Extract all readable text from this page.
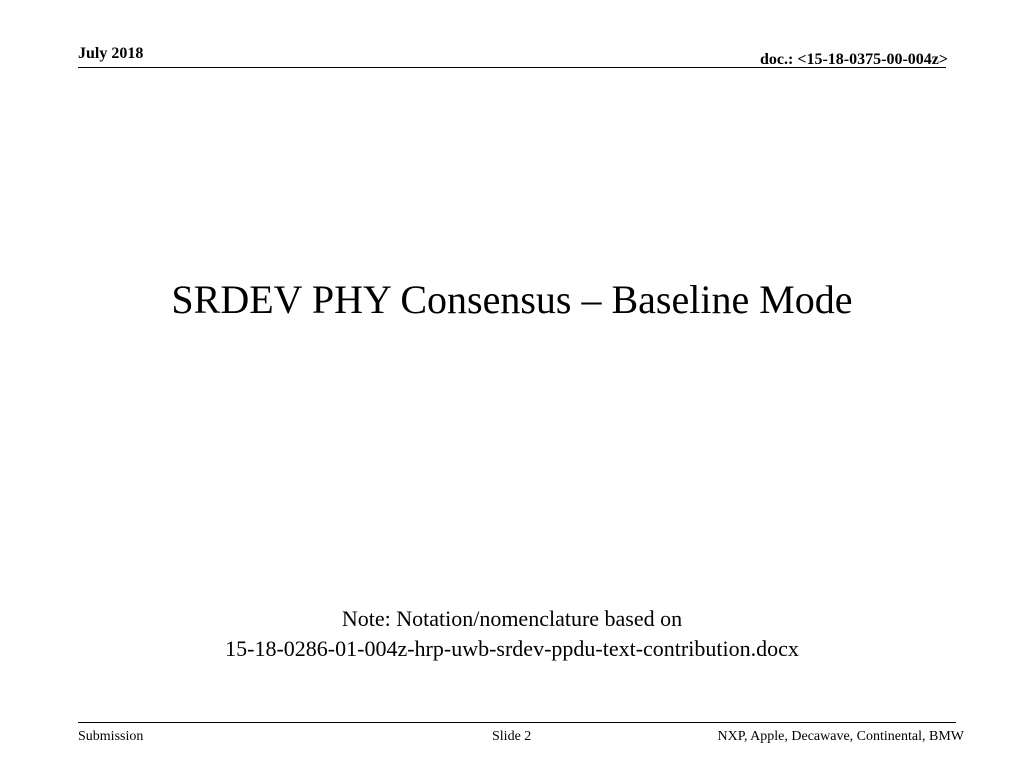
July 2018	doc.: <15-18-0375-00-004z>
SRDEV PHY Consensus – Baseline Mode
Note: Notation/nomenclature based on
15-18-0286-01-004z-hrp-uwb-srdev-ppdu-text-contribution.docx
Submission	Slide 2	NXP, Apple, Decawave, Continental, BMW
